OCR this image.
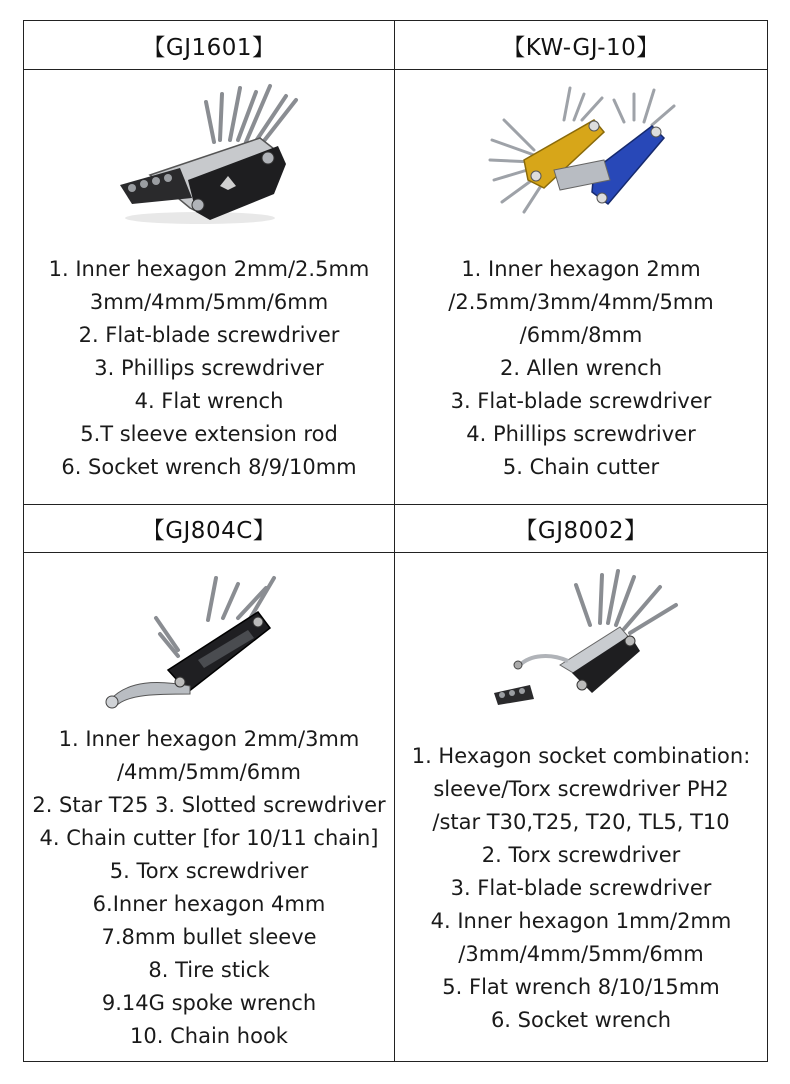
【GJ1601】
1. Inner hexagon 2mm/2.5mm
3mm/4mm/5mm/6mm
2. Flat-blade screwdriver
3. Phillips screwdriver
4. Flat wrench
5.T sleeve extension rod
6. Socket wrench 8/9/10mm
【KW-GJ-10】
1. Inner hexagon 2mm
/2.5mm/3mm/4mm/5mm
/6mm/8mm
2. Allen wrench
3. Flat-blade screwdriver
4. Phillips screwdriver
5. Chain cutter
【GJ804C】
1. Inner hexagon 2mm/3mm
/4mm/5mm/6mm
2. Star T25 3. Slotted screwdriver
4. Chain cutter [for 10/11 chain]
5. Torx screwdriver
6.Inner hexagon 4mm
7.8mm bullet sleeve
8. Tire stick
9.14G spoke wrench
10. Chain hook
【GJ8002】
1. Hexagon socket combination:
sleeve/Torx screwdriver PH2
/star T30,T25, T20, TL5, T10
2. Torx screwdriver
3. Flat-blade screwdriver
4. Inner hexagon 1mm/2mm
/3mm/4mm/5mm/6mm
5. Flat wrench 8/10/15mm
6. Socket wrench
